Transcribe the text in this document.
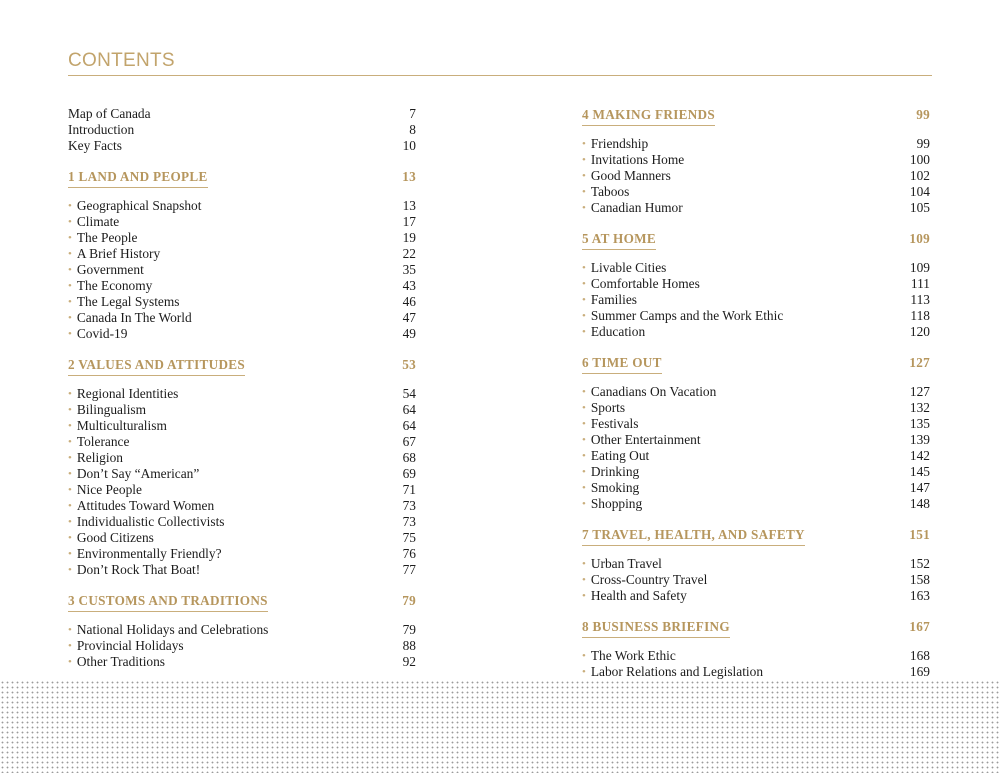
CONTENTS
Map of Canada	7
Introduction	8
Key Facts	10
1 LAND AND PEOPLE	13
• Geographical Snapshot	13
• Climate	17
• The People	19
• A Brief History	22
• Government	35
• The Economy	43
• The Legal Systems	46
• Canada In The World	47
• Covid-19	49
2 VALUES AND ATTITUDES	53
• Regional Identities	54
• Bilingualism	64
• Multiculturalism	64
• Tolerance	67
• Religion	68
• Don’t Say “American”	69
• Nice People	71
• Attitudes Toward Women	73
• Individualistic Collectivists	73
• Good Citizens	75
• Environmentally Friendly?	76
• Don’t Rock That Boat!	77
3 CUSTOMS AND TRADITIONS	79
• National Holidays and Celebrations	79
• Provincial Holidays	88
• Other Traditions	92
4 MAKING FRIENDS	99
• Friendship	99
• Invitations Home	100
• Good Manners	102
• Taboos	104
• Canadian Humor	105
5 AT HOME	109
• Livable Cities	109
• Comfortable Homes	111
• Families	113
• Summer Camps and the Work Ethic	118
• Education	120
6 TIME OUT	127
• Canadians On Vacation	127
• Sports	132
• Festivals	135
• Other Entertainment	139
• Eating Out	142
• Drinking	145
• Smoking	147
• Shopping	148
7 TRAVEL, HEALTH, AND SAFETY	151
• Urban Travel	152
• Cross-Country Travel	158
• Health and Safety	163
8 BUSINESS BRIEFING	167
• The Work Ethic	168
• Labor Relations and Legislation	169
